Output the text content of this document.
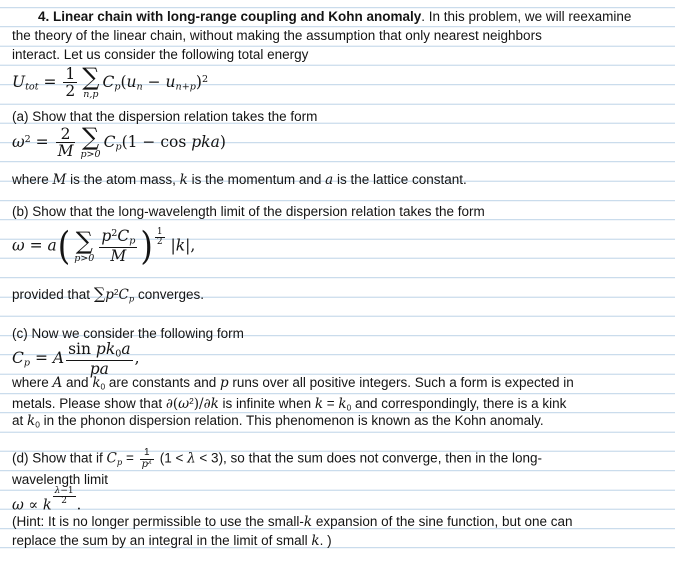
4. Linear chain with long-range coupling and Kohn anomaly. In this problem, we will reexamine
the theory of the linear chain, without making the assumption that only nearest neighbors
interact. Let us consider the following total energy
$U_{tot} = \frac{1}{2}$ ∑
n,p
$C_p(u_n - u_{n+p})^2$
(a) Show that the dispersion relation takes the form
$\omega^2 = \frac{2}{M}$ ∑
p>0
$C_p(1 - \cos pka)$
where M is the atom mass, k is the momentum and a is the lattice constant.
(b) Show that the long-wavelength limit of the dispersion relation takes the form
ω = a( ∑
$p>0 \frac{p^2C_p}{M}$ ) $\frac{1}{2} |k|$,
provided that $\sum p^2C_p$ converges.
(c) Now we consider the following form
$C_p = A \frac{\sin pk_0a}{pa}$ ,
where A and $k_0$ are constants and p runs over all positive integers. Such a form is expected in
metals. Please show that $\partial(\omega^2)/\partial k$ is infinite when $k = k_0$ and correspondingly, there is a kink
at $k_0$ in the phonon dispersion relation. This phenomenon is known as the Kohn anomaly.
(d) Show that if $C_p = \frac{1}{p^\lambda} (1 < \lambda < 3)$, so that the sum does not converge, then in the long-
wavelength limit
ω ∝ k $\frac{\lambda-1}{2}$ .
(Hint: It is no longer permissible to use the small-k expansion of the sine function, but one can
replace the sum by an integral in the limit of small k. )
